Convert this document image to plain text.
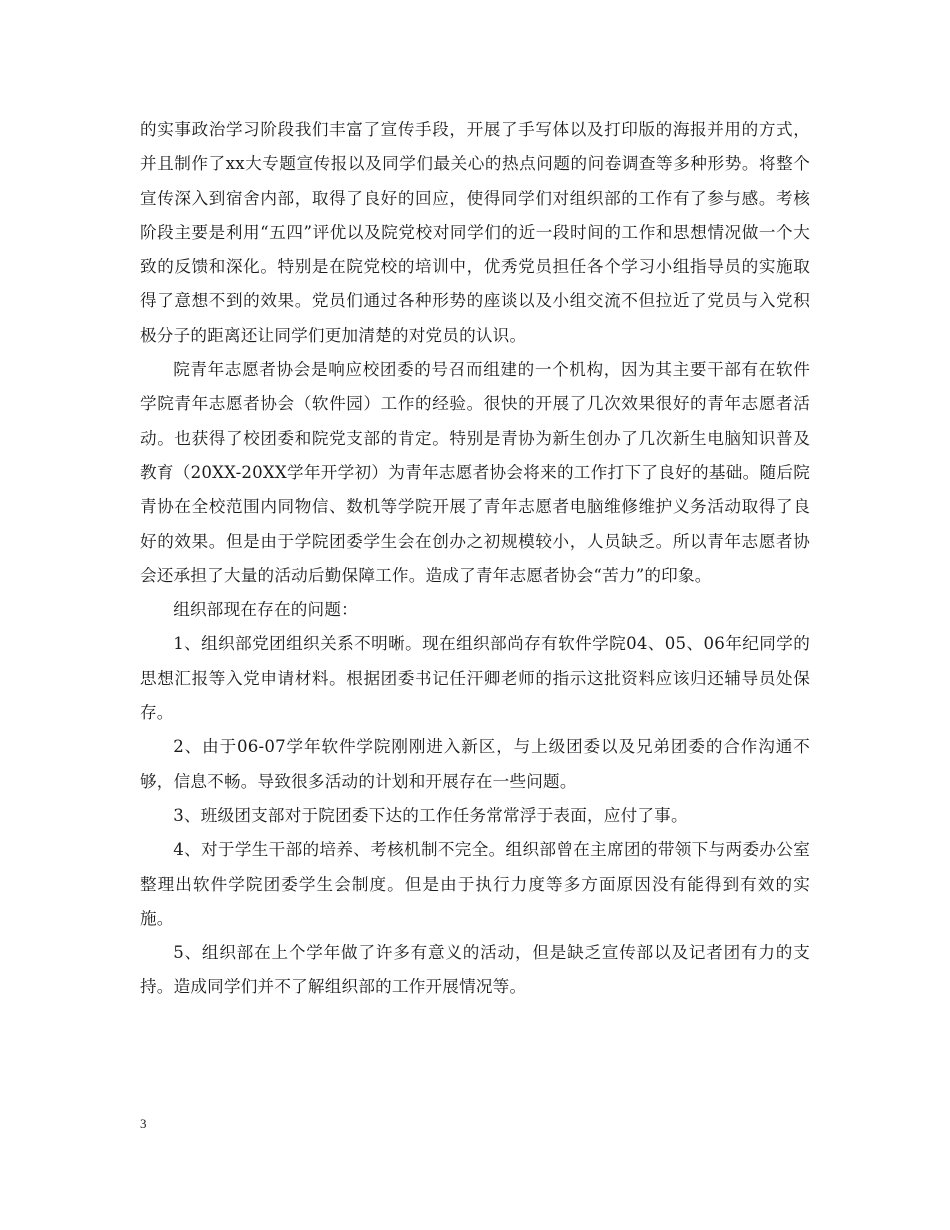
的实事政治学习阶段我们丰富了宣传手段，开展了手写体以及打印版的海报并用的方式，并且制作了xx大专题宣传报以及同学们最关心的热点问题的问卷调查等多种形势。将整个宣传深入到宿舍内部，取得了良好的回应，使得同学们对组织部的工作有了参与感。考核阶段主要是利用“五四”评优以及院党校对同学们的近一段时间的工作和思想情况做一个大致的反馈和深化。特别是在院党校的培训中，优秀党员担任各个学习小组指导员的实施取得了意想不到的效果。党员们通过各种形势的座谈以及小组交流不但拉近了党员与入党积极分子的距离还让同学们更加清楚的对党员的认识。

院青年志愿者协会是响应校团委的号召而组建的一个机构，因为其主要干部有在软件学院青年志愿者协会（软件园）工作的经验。很快的开展了几次效果很好的青年志愿者活动。也获得了校团委和院党支部的肯定。特别是青协为新生创办了几次新生电脑知识普及教育（20XX-20XX学年开学初）为青年志愿者协会将来的工作打下了良好的基础。随后院青协在全校范围内同物信、数机等学院开展了青年志愿者电脑维修维护义务活动取得了良好的效果。但是由于学院团委学生会在创办之初规模较小，人员缺乏。所以青年志愿者协会还承担了大量的活动后勤保障工作。造成了青年志愿者协会“苦力”的印象。

组织部现在存在的问题：

1、组织部党团组织关系不明晰。现在组织部尚存有软件学院04、05、06年纪同学的思想汇报等入党申请材料。根据团委书记任汗卿老师的指示这批资料应该归还辅导员处保存。

2、由于06-07学年软件学院刚刚进入新区，与上级团委以及兄弟团委的合作沟通不够，信息不畅。导致很多活动的计划和开展存在一些问题。

3、班级团支部对于院团委下达的工作任务常常浮于表面，应付了事。

4、对于学生干部的培养、考核机制不完全。组织部曾在主席团的带领下与两委办公室整理出软件学院团委学生会制度。但是由于执行力度等多方面原因没有能得到有效的实施。

5、组织部在上个学年做了许多有意义的活动，但是缺乏宣传部以及记者团有力的支持。造成同学们并不了解组织部的工作开展情况等。

3
